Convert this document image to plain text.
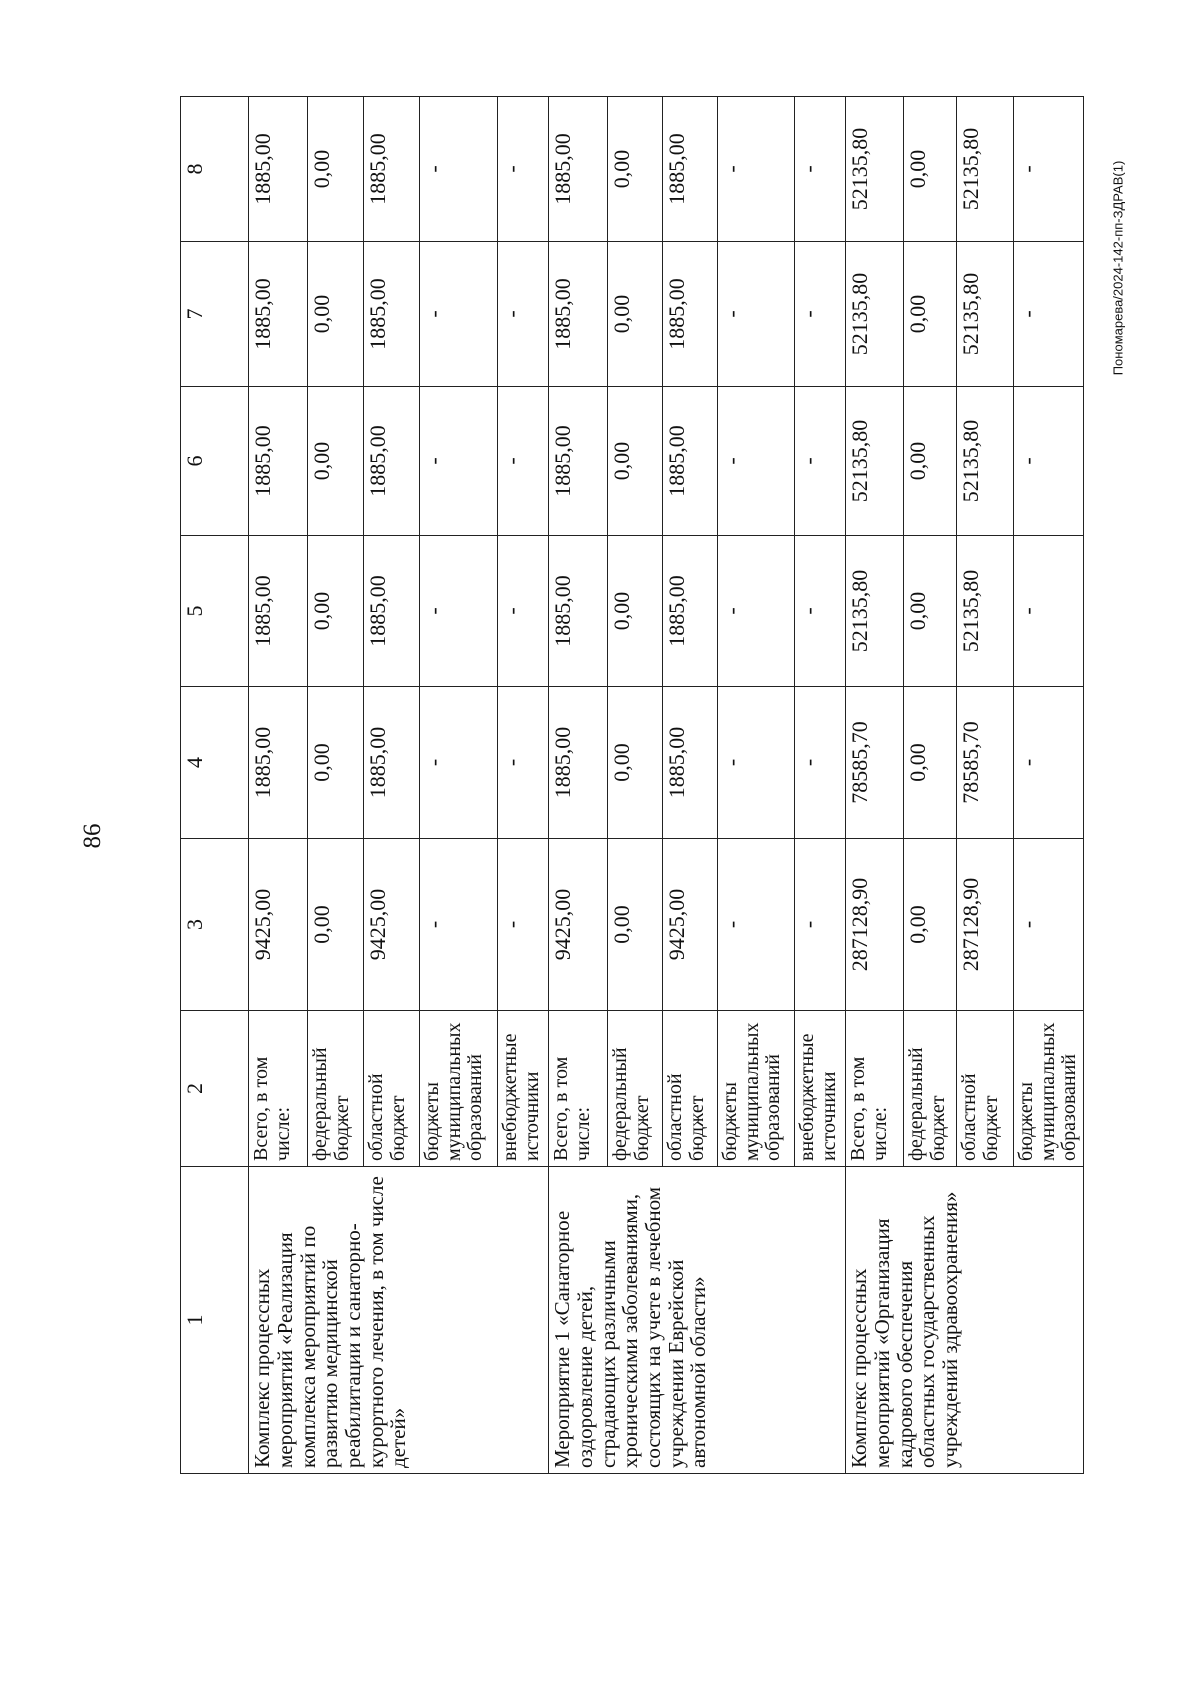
86
1	2	3	4	5	6	7	8
Комплекс процессных мероприятий «Реализация комплекса мероприятий по развитию медицинской реабилитации и санаторно-курортного лечения, в том числе детей»	Всего, в том числе:	9425,00	1885,00	1885,00	1885,00	1885,00	1885,00
	федеральный бюджет	0,00	0,00	0,00	0,00	0,00	0,00
	областной бюджет	9425,00	1885,00	1885,00	1885,00	1885,00	1885,00
	бюджеты муниципальных образований	-	-	-	-	-	-
	внебюджетные источники	-	-	-	-	-	-
Мероприятие 1 «Санаторное оздоровление детей, страдающих различными хроническими заболеваниями, состоящих на учете в лечебном учреждении Еврейской автономной области»	Всего, в том числе:	9425,00	1885,00	1885,00	1885,00	1885,00	1885,00
	федеральный бюджет	0,00	0,00	0,00	0,00	0,00	0,00
	областной бюджет	9425,00	1885,00	1885,00	1885,00	1885,00	1885,00
	бюджеты муниципальных образований	-	-	-	-	-	-
	внебюджетные источники	-	-	-	-	-	-
Комплекс процессных мероприятий «Организация кадрового обеспечения областных государственных учреждений здравоохранения»	Всего, в том числе:	287128,90	78585,70	52135,80	52135,80	52135,80	52135,80
	федеральный бюджет	0,00	0,00	0,00	0,00	0,00	0,00
	областной бюджет	287128,90	78585,70	52135,80	52135,80	52135,80	52135,80
	бюджеты муниципальных образований	-	-	-	-	-	-	Пономарева/2024-142-пп-ЗДРАВ(1)
